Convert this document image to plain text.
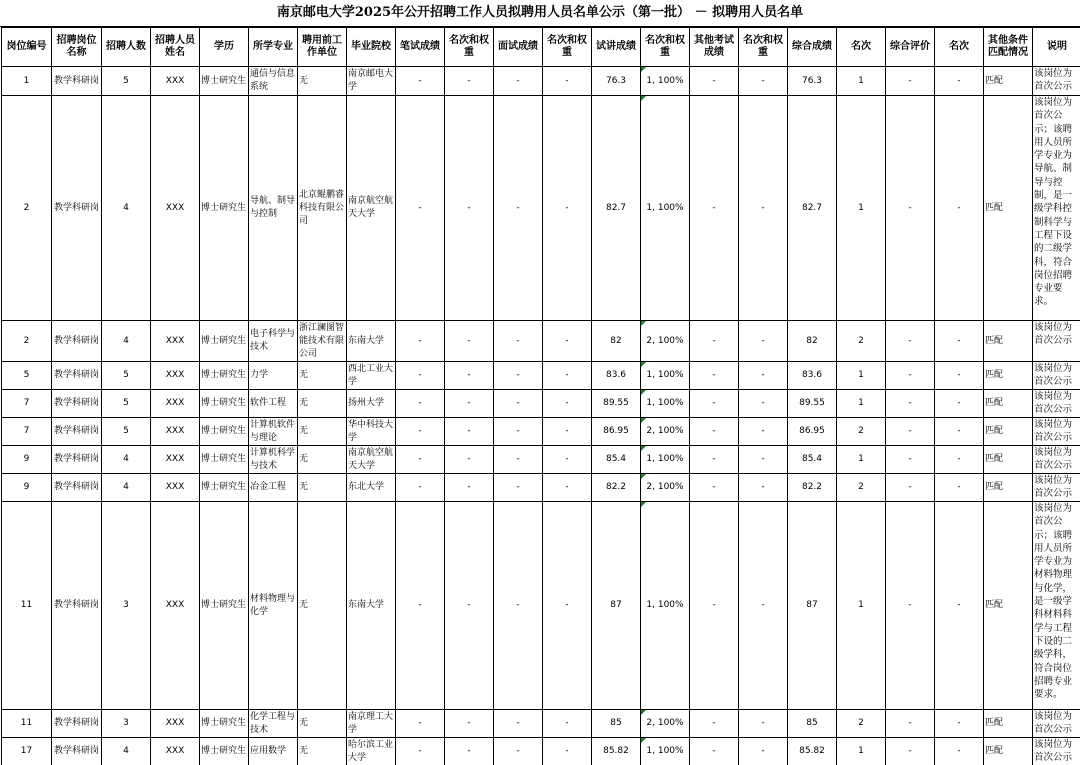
南京邮电大学2025年公开招聘工作人员拟聘用人员名单公示（第一批） － 拟聘用人员名单
岗位编号	招聘岗位名称	招聘人数	招聘人员姓名	学历	所学专业	聘用前工作单位	毕业院校	笔试成绩	名次和权重	面试成绩	名次和权重	试讲成绩	名次和权重	其他考试成绩	名次和权重	综合成绩	名次	综合评价	名次	其他条件匹配情况	说明
1	教学科研岗	5	XXX	博士研究生	通信与信息系统	无	南京邮电大学	-	-	-	-	76.3	1, 100%	-	-	76.3	1	-	-	匹配	该岗位为首次公示
2	教学科研岗	4	XXX	博士研究生	导航、制导与控制	北京鲲鹏睿科技有限公司	南京航空航天大学	-	-	-	-	82.7	1, 100%	-	-	82.7	1	-	-	匹配	该岗位为首次公示；该聘用人员所学专业为导航、制导与控制，是一级学科控制科学与工程下设的二级学科，符合岗位招聘专业要求。
2	教学科研岗	4	XXX	博士研究生	电子科学与技术	浙江澜图智能技术有限公司	东南大学	-	-	-	-	82	2, 100%	-	-	82	2	-	-	匹配	该岗位为首次公示
5	教学科研岗	5	XXX	博士研究生	力学	无	西北工业大学	-	-	-	-	83.6	1, 100%	-	-	83.6	1	-	-	匹配	该岗位为首次公示
7	教学科研岗	5	XXX	博士研究生	软件工程	无	扬州大学	-	-	-	-	89.55	1, 100%	-	-	89.55	1	-	-	匹配	该岗位为首次公示
7	教学科研岗	5	XXX	博士研究生	计算机软件与理论	无	华中科技大学	-	-	-	-	86.95	2, 100%	-	-	86.95	2	-	-	匹配	该岗位为首次公示
9	教学科研岗	4	XXX	博士研究生	计算机科学与技术	无	南京航空航天大学	-	-	-	-	85.4	1, 100%	-	-	85.4	1	-	-	匹配	该岗位为首次公示
9	教学科研岗	4	XXX	博士研究生	冶金工程	无	东北大学	-	-	-	-	82.2	2, 100%	-	-	82.2	2	-	-	匹配	该岗位为首次公示
11	教学科研岗	3	XXX	博士研究生	材料物理与化学	无	东南大学	-	-	-	-	87	1, 100%	-	-	87	1	-	-	匹配	该岗位为首次公示；该聘用人员所学专业为材料物理与化学，是一级学科材料科学与工程下设的二级学科，符合岗位招聘专业要求。
11	教学科研岗	3	XXX	博士研究生	化学工程与技术	无	南京理工大学	-	-	-	-	85	2, 100%	-	-	85	2	-	-	匹配	该岗位为首次公示
17	教学科研岗	4	XXX	博士研究生	应用数学	无	哈尔滨工业大学	-	-	-	-	85.82	1, 100%	-	-	85.82	1	-	-	匹配	该岗位为首次公示
